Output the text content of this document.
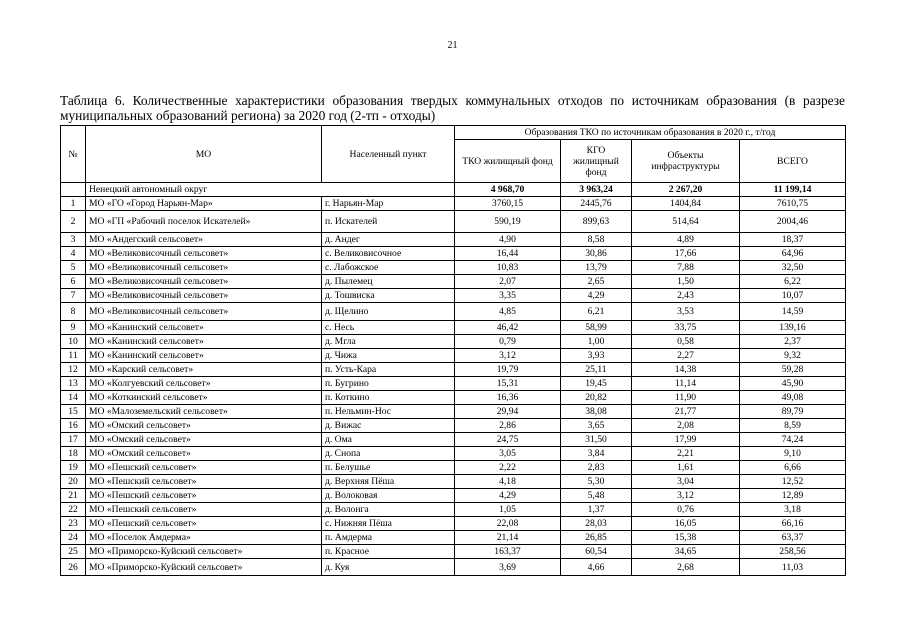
21
Таблица 6. Количественные характеристики образования твердых коммунальных отходов по источникам образования (в разрезе муниципальных образований региона) за 2020 год (2-тп - отходы)
№	МО	Населенный пункт	Образования ТКО по источникам образования в 2020 г., т/год			
			ТКО жилищный фонд	КГО жилищный фонд	Объекты инфраструктуры	ВСЕГО
	Ненецкий автономный округ		4 968,70	3 963,24	2 267,20	11 199,14
1	МО «ГО «Город Нарьян-Мар»	г. Нарьян-Мар	3760,15	2445,76	1404,84	7610,75
2	МО «ГП «Рабочий поселок Искателей»	п. Искателей	590,19	899,63	514,64	2004,46
3	МО «Андегский сельсовет»	д. Андег	4,90	8,58	4,89	18,37
4	МО «Великовисочный сельсовет»	с. Великовисочное	16,44	30,86	17,66	64,96
5	МО «Великовисочный сельсовет»	с. Лабожское	10,83	13,79	7,88	32,50
6	МО «Великовисочный сельсовет»	д. Пылемец	2,07	2,65	1,50	6,22
7	МО «Великовисочный сельсовет»	д. Тошвиска	3,35	4,29	2,43	10,07
8	МО «Великовисочный сельсовет»	д. Щелино	4,85	6,21	3,53	14,59
9	МО «Канинский сельсовет»	с. Несь	46,42	58,99	33,75	139,16
10	МО «Канинский сельсовет»	д. Мгла	0,79	1,00	0,58	2,37
11	МО «Канинский сельсовет»	д. Чижа	3,12	3,93	2,27	9,32
12	МО «Карский сельсовет»	п. Усть-Кара	19,79	25,11	14,38	59,28
13	МО «Колгуевский сельсовет»	п. Бугрино	15,31	19,45	11,14	45,90
14	МО «Коткинский сельсовет»	п. Коткино	16,36	20,82	11,90	49,08
15	МО «Малоземельский сельсовет»	п. Нельмин-Нос	29,94	38,08	21,77	89,79
16	МО «Омский сельсовет»	д. Вижас	2,86	3,65	2,08	8,59
17	МО «Омский сельсовет»	д. Ома	24,75	31,50	17,99	74,24
18	МО «Омский сельсовет»	д. Снопа	3,05	3,84	2,21	9,10
19	МО «Пешский сельсовет»	п. Белушье	2,22	2,83	1,61	6,66
20	МО «Пешский сельсовет»	д. Верхняя Пёша	4,18	5,30	3,04	12,52
21	МО «Пешский сельсовет»	д. Волоковая	4,29	5,48	3,12	12,89
22	МО «Пешский сельсовет»	д. Волонга	1,05	1,37	0,76	3,18
23	МО «Пешский сельсовет»	с. Нижняя Пёша	22,08	28,03	16,05	66,16
24	МО «Поселок Амдерма»	п. Амдерма	21,14	26,85	15,38	63,37
25	МО «Приморско-Куйский сельсовет»	п. Красное	163,37	60,54	34,65	258,56
26	МО «Приморско-Куйский сельсовет»	д. Куя	3,69	4,66	2,68	11,03
